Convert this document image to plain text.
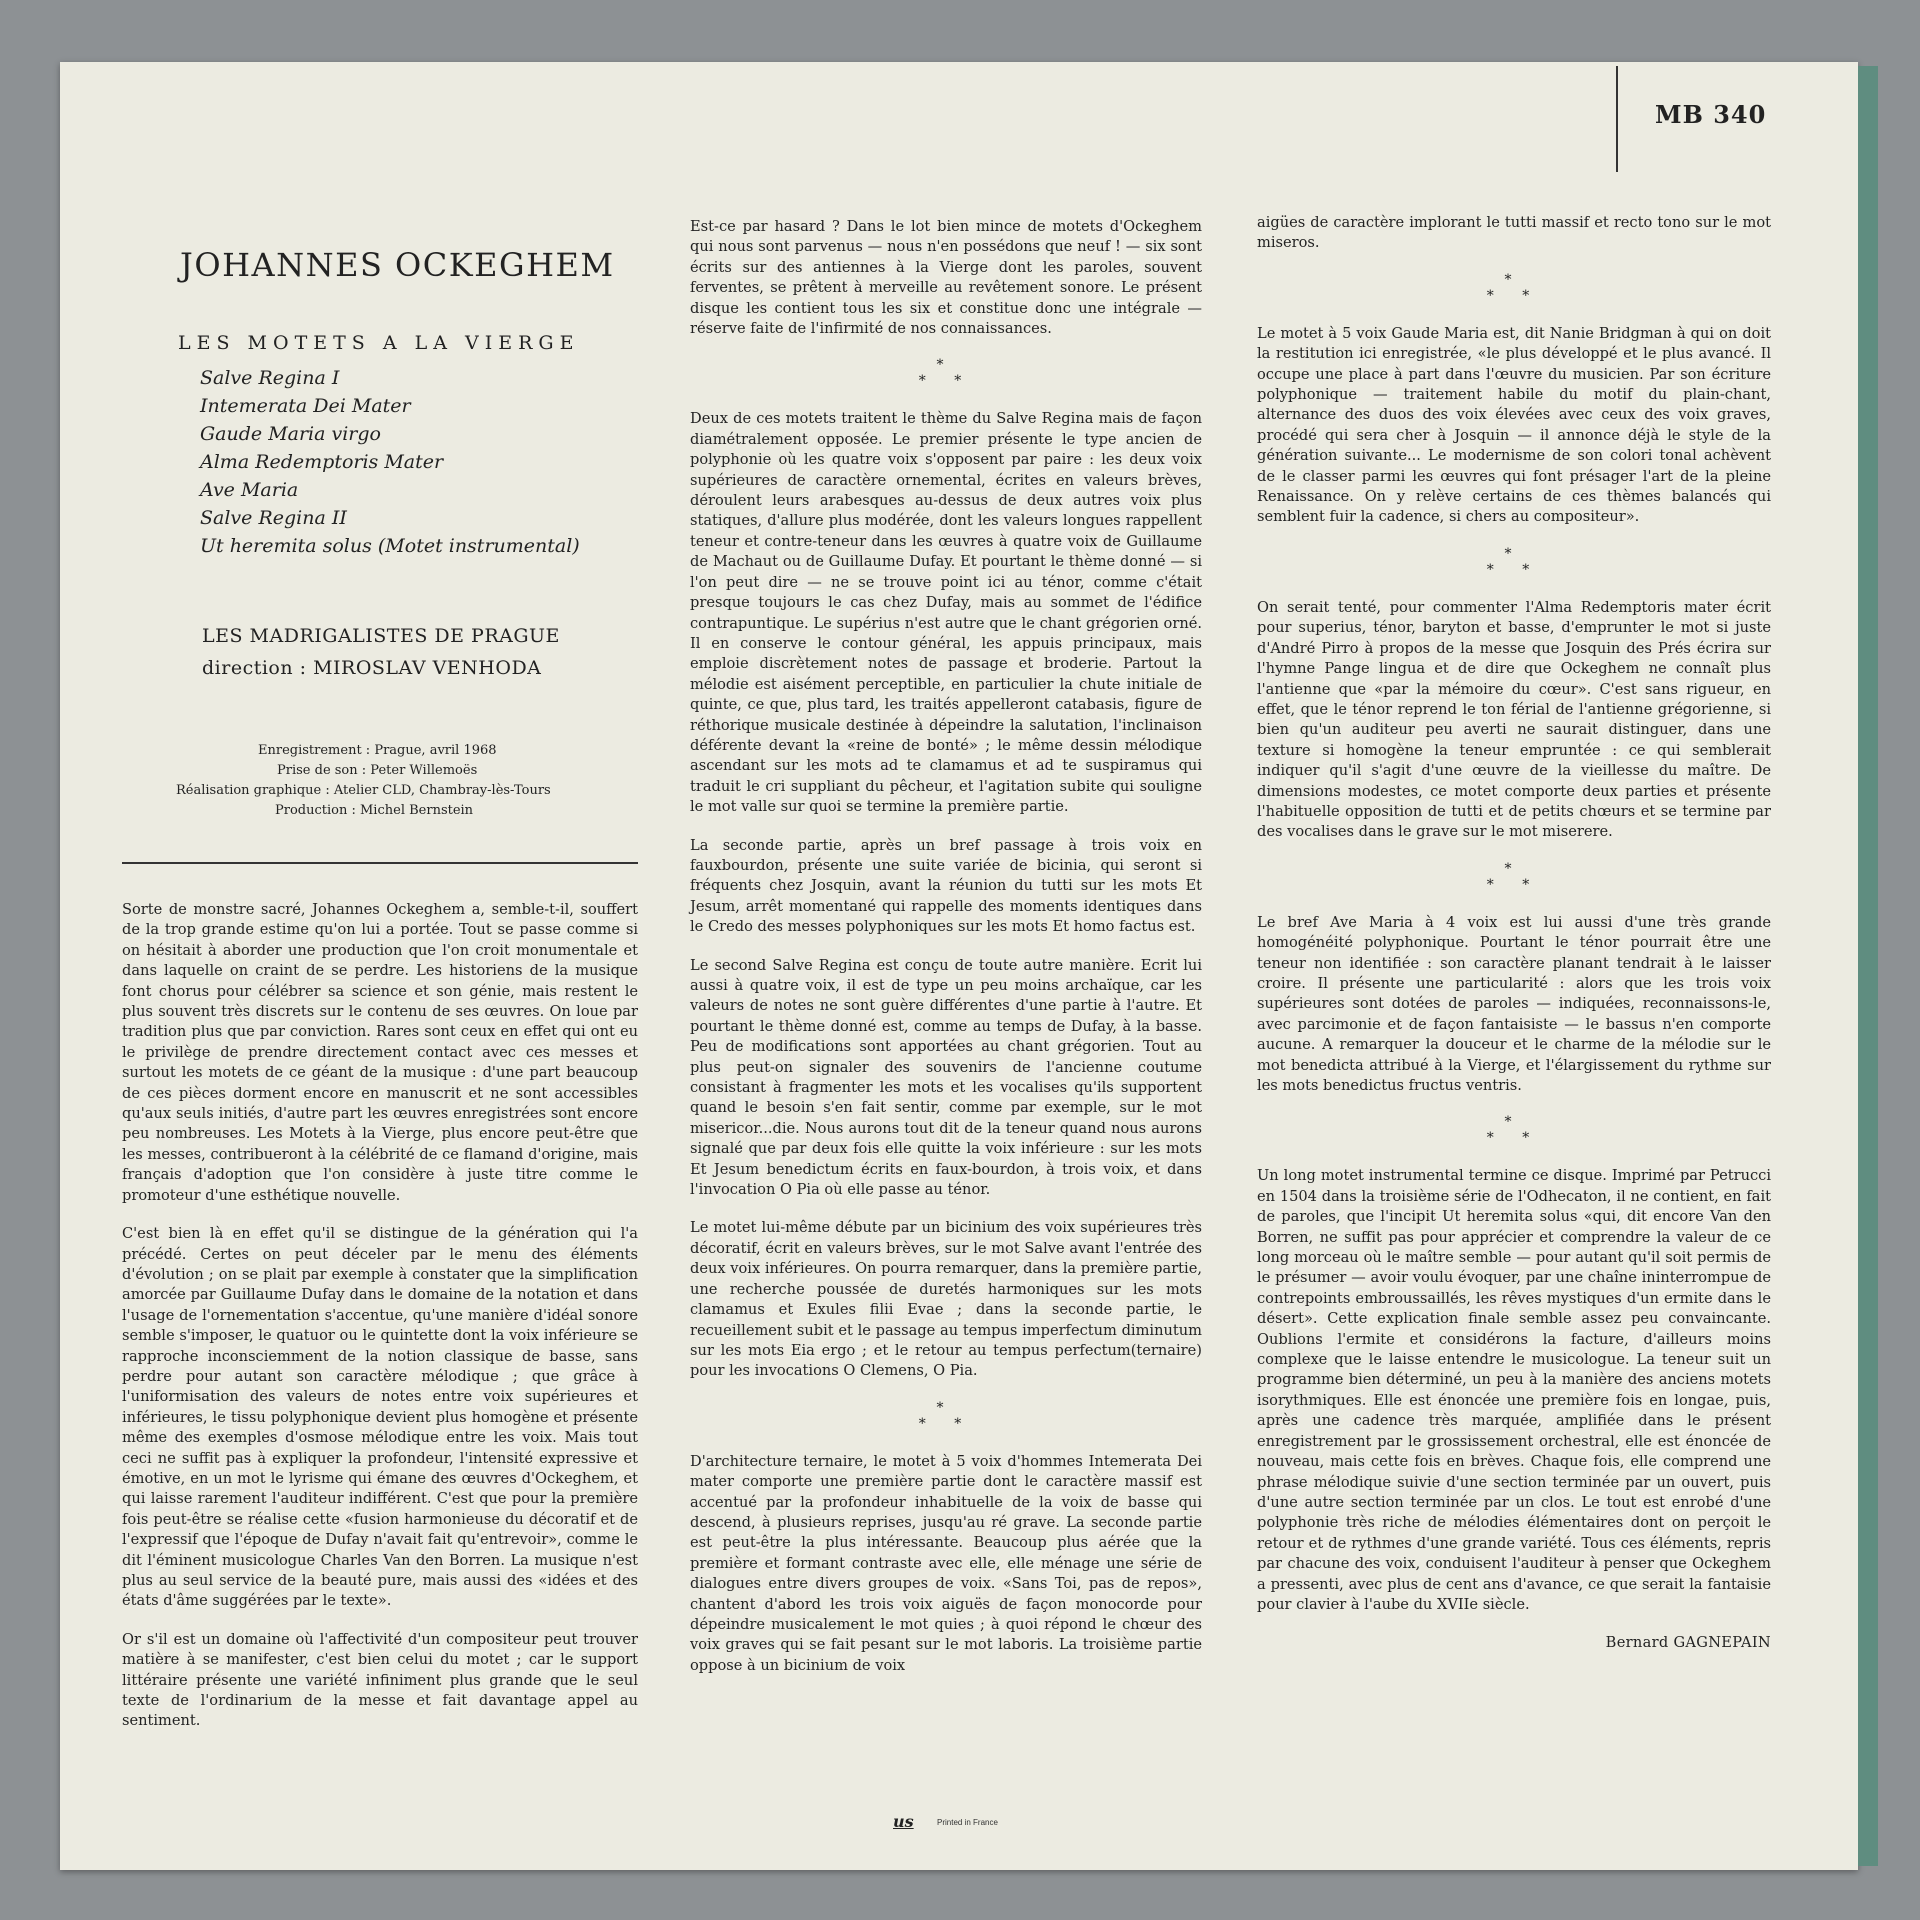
MB 340
JOHANNES OCKEGHEM
LES MOTETS A LA VIERGE
Salve Regina I
Intemerata Dei Mater
Gaude Maria virgo
Alma Redemptoris Mater
Ave Maria
Salve Regina II
Ut heremita solus (Motet instrumental)
LES MADRIGALISTES DE PRAGUE
direction : MIROSLAV VENHODA
Enregistrement : Prague, avril 1968
Prise de son : Peter Willemoës
Réalisation graphique : Atelier CLD, Chambray-lès-Tours
Production : Michel Bernstein

Sorte de monstre sacré, Johannes Ockeghem a, semble-t-il, souffert de la trop grande estime qu'on lui a portée. Tout se passe comme si on hésitait à aborder une production que l'on croit monumentale et dans laquelle on craint de se perdre. Les historiens de la musique font chorus pour célébrer sa science et son génie, mais restent le plus souvent très discrets sur le contenu de ses œuvres. On loue par tradition plus que par conviction. Rares sont ceux en effet qui ont eu le privilège de prendre directement contact avec ces messes et surtout les motets de ce géant de la musique : d'une part beaucoup de ces pièces dorment encore en manuscrit et ne sont accessibles qu'aux seuls initiés, d'autre part les œuvres enregistrées sont encore peu nombreuses. Les Motets à la Vierge, plus encore peut-être que les messes, contribueront à la célébrité de ce flamand d'origine, mais français d'adoption que l'on considère à juste titre comme le promoteur d'une esthétique nouvelle.

C'est bien là en effet qu'il se distingue de la génération qui l'a précédé. Certes on peut déceler par le menu des éléments d'évolution ; on se plait par exemple à constater que la simplification amorcée par Guillaume Dufay dans le domaine de la notation et dans l'usage de l'ornementation s'accentue, qu'une manière d'idéal sonore semble s'imposer, le quatuor ou le quintette dont la voix inférieure se rapproche inconsciemment de la notion classique de basse, sans perdre pour autant son caractère mélodique ; que grâce à l'uniformisation des valeurs de notes entre voix supérieures et inférieures, le tissu polyphonique devient plus homogène et présente même des exemples d'osmose mélodique entre les voix. Mais tout ceci ne suffit pas à expliquer la profondeur, l'intensité expressive et émotive, en un mot le lyrisme qui émane des œuvres d'Ockeghem, et qui laisse rarement l'auditeur indifférent. C'est que pour la première fois peut-être se réalise cette «fusion harmonieuse du décoratif et de l'expressif que l'époque de Dufay n'avait fait qu'entrevoir», comme le dit l'éminent musicologue Charles Van den Borren. La musique n'est plus au seul service de la beauté pure, mais aussi des «idées et des états d'âme suggérées par le texte».

Or s'il est un domaine où l'affectivité d'un compositeur peut trouver matière à se manifester, c'est bien celui du motet ; car le support littéraire présente une variété infiniment plus grande que le seul texte de l'ordinarium de la messe et fait davantage appel au sentiment.

Est-ce par hasard ? Dans le lot bien mince de motets d'Ockeghem qui nous sont parvenus — nous n'en possédons que neuf ! — six sont écrits sur des antiennes à la Vierge dont les paroles, souvent ferventes, se prêtent à merveille au revêtement sonore. Le présent disque les contient tous les six et constitue donc une intégrale — réserve faite de l'infirmité de nos connaissances.

*
* *

Deux de ces motets traitent le thème du Salve Regina mais de façon diamétralement opposée. Le premier présente le type ancien de polyphonie où les quatre voix s'opposent par paire : les deux voix supérieures de caractère ornemental, écrites en valeurs brèves, déroulent leurs arabesques au-dessus de deux autres voix plus statiques, d'allure plus modérée, dont les valeurs longues rappellent teneur et contre-teneur dans les œuvres à quatre voix de Guillaume de Machaut ou de Guillaume Dufay. Et pourtant le thème donné — si l'on peut dire — ne se trouve point ici au ténor, comme c'était presque toujours le cas chez Dufay, mais au sommet de l'édifice contrapuntique. Le supérius n'est autre que le chant grégorien orné. Il en conserve le contour général, les appuis principaux, mais emploie discrètement notes de passage et broderie. Partout la mélodie est aisément perceptible, en particulier la chute initiale de quinte, ce que, plus tard, les traités appelleront catabasis, figure de réthorique musicale destinée à dépeindre la salutation, l'inclinaison déférente devant la «reine de bonté» ; le même dessin mélodique ascendant sur les mots ad te clamamus et ad te suspiramus qui traduit le cri suppliant du pêcheur, et l'agitation subite qui souligne le mot valle sur quoi se termine la première partie.

La seconde partie, après un bref passage à trois voix en fauxbourdon, présente une suite variée de bicinia, qui seront si fréquents chez Josquin, avant la réunion du tutti sur les mots Et Jesum, arrêt momentané qui rappelle des moments identiques dans le Credo des messes polyphoniques sur les mots Et homo factus est.

Le second Salve Regina est conçu de toute autre manière. Ecrit lui aussi à quatre voix, il est de type un peu moins archaïque, car les valeurs de notes ne sont guère différentes d'une partie à l'autre. Et pourtant le thème donné est, comme au temps de Dufay, à la basse. Peu de modifications sont apportées au chant grégorien. Tout au plus peut-on signaler des souvenirs de l'ancienne coutume consistant à fragmenter les mots et les vocalises qu'ils supportent quand le besoin s'en fait sentir, comme par exemple, sur le mot misericor...die. Nous aurons tout dit de la teneur quand nous aurons signalé que par deux fois elle quitte la voix inférieure : sur les mots Et Jesum benedictum écrits en faux-bourdon, à trois voix, et dans l'invocation O Pia où elle passe au ténor.

Le motet lui-même débute par un bicinium des voix supérieures très décoratif, écrit en valeurs brèves, sur le mot Salve avant l'entrée des deux voix inférieures. On pourra remarquer, dans la première partie, une recherche poussée de duretés harmoniques sur les mots clamamus et Exules filii Evae ; dans la seconde partie, le recueillement subit et le passage au tempus imperfectum diminutum sur les mots Eia ergo ; et le retour au tempus perfectum(ternaire) pour les invocations O Clemens, O Pia.

*
* *

D'architecture ternaire, le motet à 5 voix d'hommes Intemerata Dei mater comporte une première partie dont le caractère massif est accentué par la profondeur inhabituelle de la voix de basse qui descend, à plusieurs reprises, jusqu'au ré grave. La seconde partie est peut-être la plus intéressante. Beaucoup plus aérée que la première et formant contraste avec elle, elle ménage une série de dialogues entre divers groupes de voix. «Sans Toi, pas de repos», chantent d'abord les trois voix aiguës de façon monocorde pour dépeindre musicalement le mot quies ; à quoi répond le chœur des voix graves qui se fait pesant sur le mot laboris. La troisième partie oppose à un bicinium de voix

aigües de caractère implorant le tutti massif et recto tono sur le mot miseros.

*
* *

Le motet à 5 voix Gaude Maria est, dit Nanie Bridgman à qui on doit la restitution ici enregistrée, «le plus développé et le plus avancé. Il occupe une place à part dans l'œuvre du musicien. Par son écriture polyphonique — traitement habile du motif du plain-chant, alternance des duos des voix élevées avec ceux des voix graves, procédé qui sera cher à Josquin — il annonce déjà le style de la génération suivante... Le modernisme de son colori tonal achèvent de le classer parmi les œuvres qui font présager l'art de la pleine Renaissance. On y relève certains de ces thèmes balancés qui semblent fuir la cadence, si chers au compositeur».

*
* *

On serait tenté, pour commenter l'Alma Redemptoris mater écrit pour superius, ténor, baryton et basse, d'emprunter le mot si juste d'André Pirro à propos de la messe que Josquin des Prés écrira sur l'hymne Pange lingua et de dire que Ockeghem ne connaît plus l'antienne que «par la mémoire du cœur». C'est sans rigueur, en effet, que le ténor reprend le ton férial de l'antienne grégorienne, si bien qu'un auditeur peu averti ne saurait distinguer, dans une texture si homogène la teneur empruntée : ce qui semblerait indiquer qu'il s'agit d'une œuvre de la vieillesse du maître. De dimensions modestes, ce motet comporte deux parties et présente l'habituelle opposition de tutti et de petits chœurs et se termine par des vocalises dans le grave sur le mot miserere.

*
* *

Le bref Ave Maria à 4 voix est lui aussi d'une très grande homogénéité polyphonique. Pourtant le ténor pourrait être une teneur non identifiée : son caractère planant tendrait à le laisser croire. Il présente une particularité : alors que les trois voix supérieures sont dotées de paroles — indiquées, reconnaissons-le, avec parcimonie et de façon fantaisiste — le bassus n'en comporte aucune. A remarquer la douceur et le charme de la mélodie sur le mot benedicta attribué à la Vierge, et l'élargissement du rythme sur les mots benedictus fructus ventris.

*
* *

Un long motet instrumental termine ce disque. Imprimé par Petrucci en 1504 dans la troisième série de l'Odhecaton, il ne contient, en fait de paroles, que l'incipit Ut heremita solus «qui, dit encore Van den Borren, ne suffit pas pour apprécier et comprendre la valeur de ce long morceau où le maître semble — pour autant qu'il soit permis de le présumer — avoir voulu évoquer, par une chaîne ininterrompue de contrepoints embroussaillés, les rêves mystiques d'un ermite dans le désert». Cette explication finale semble assez peu convaincante. Oublions l'ermite et considérons la facture, d'ailleurs moins complexe que le laisse entendre le musicologue. La teneur suit un programme bien déterminé, un peu à la manière des anciens motets isorythmiques. Elle est énoncée une première fois en longae, puis, après une cadence très marquée, amplifiée dans le présent enregistrement par le grossissement orchestral, elle est énoncée de nouveau, mais cette fois en brèves. Chaque fois, elle comprend une phrase mélodique suivie d'une section terminée par un ouvert, puis d'une autre section terminée par un clos. Le tout est enrobé d'une polyphonie très riche de mélodies élémentaires dont on perçoit le retour et de rythmes d'une grande variété. Tous ces éléments, repris par chacune des voix, conduisent l'auditeur à penser que Ockeghem a pressenti, avec plus de cent ans d'avance, ce que serait la fantaisie pour clavier à l'aube du XVIIe siècle.

Bernard GAGNEPAIN
us	Printed in France
